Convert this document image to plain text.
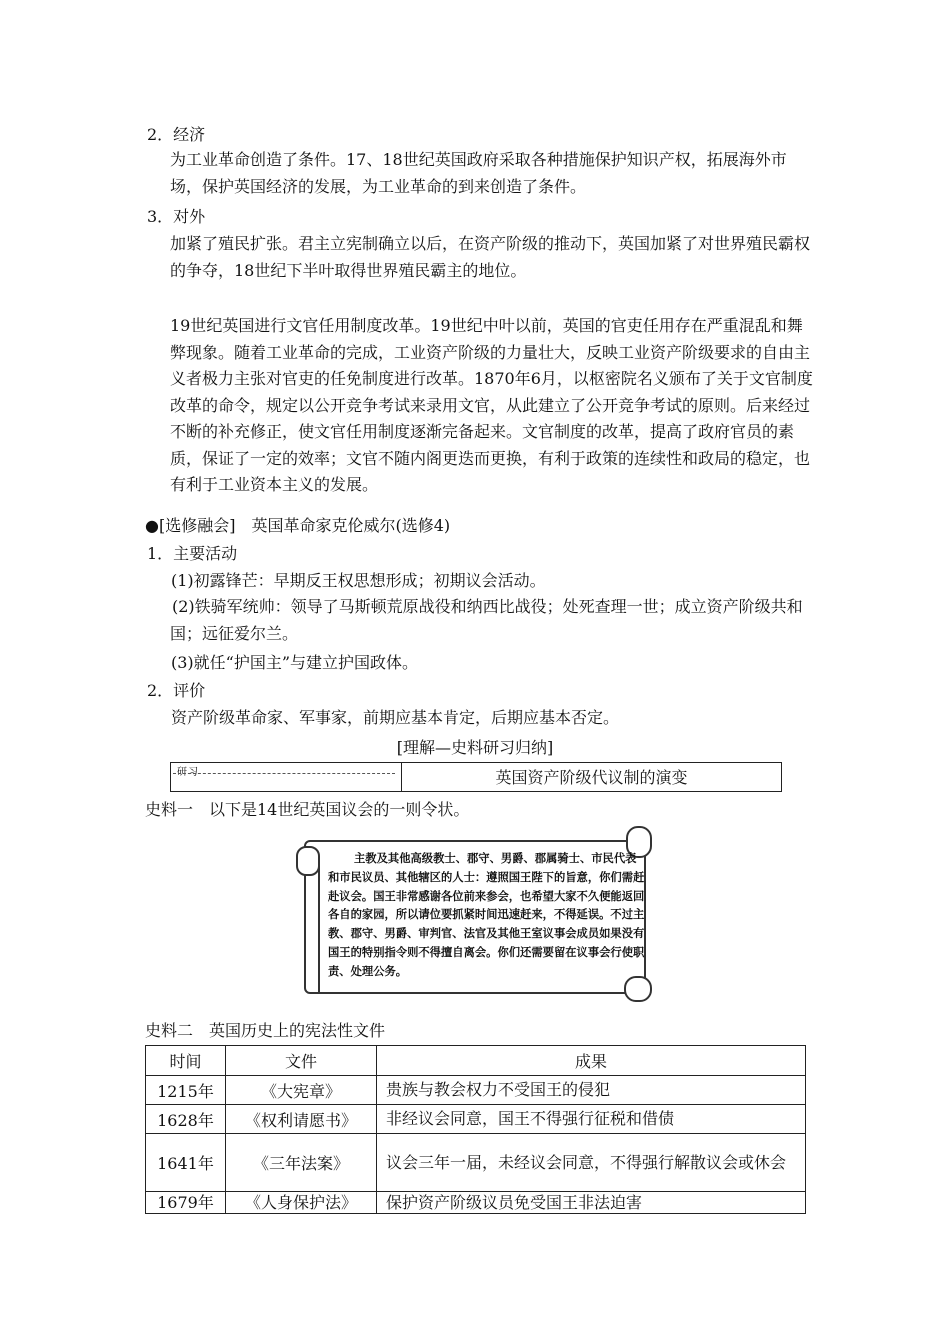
2．经济
为工业革命创造了条件。17、18世纪英国政府采取各种措施保护知识产权，拓展海外市场，保护英国经济的发展，为工业革命的到来创造了条件。
3．对外
加紧了殖民扩张。君主立宪制确立以后，在资产阶级的推动下，英国加紧了对世界殖民霸权的争夺，18世纪下半叶取得世界殖民霸主的地位。
19世纪英国进行文官任用制度改革。19世纪中叶以前，英国的官吏任用存在严重混乱和舞弊现象。随着工业革命的完成，工业资产阶级的力量壮大，反映工业资产阶级要求的自由主义者极力主张对官吏的任免制度进行改革。1870年6月，以枢密院名义颁布了关于文官制度改革的命令，规定以公开竞争考试来录用文官，从此建立了公开竞争考试的原则。后来经过不断的补充修正，使文官任用制度逐渐完备起来。文官制度的改革，提高了政府官员的素质，保证了一定的效率；文官不随内阁更迭而更换，有利于政策的连续性和政局的稳定，也有利于工业资本主义的发展。
●[选修融会]　英国革命家克伦威尔(选修4)
1．主要活动
(1)初露锋芒：早期反王权思想形成；初期议会活动。
(2)铁骑军统帅：领导了马斯顿荒原战役和纳西比战役；处死查理一世；成立资产阶级共和国；远征爱尔兰。
(3)就任“护国主”与建立护国政体。
2．评价
资产阶级革命家、军事家，前期应基本肯定，后期应基本否定。
[理解—史料研习归纳]
研习	英国资产阶级代议制的演变
史料一　以下是14世纪英国议会的一则令状。
主教及其他高级教士、郡守、男爵、郡属骑士、市民代表和市民议员、其他辖区的人士：遵照国王陛下的旨意，你们需赶赴议会。国王非常感谢各位前来参会，也希望大家不久便能返回各自的家园，所以请位要抓紧时间迅速赶来，不得延误。不过主教、郡守、男爵、审判官、法官及其他王室议事会成员如果没有国王的特别指令则不得擅自离会。你们还需要留在议事会行使职责、处理公务。
史料二　英国历史上的宪法性文件
时间	文件	成果
1215年	《大宪章》	贵族与教会权力不受国王的侵犯
1628年	《权利请愿书》	非经议会同意，国王不得强行征税和借债
1641年	《三年法案》	议会三年一届，未经议会同意，不得强行解散议会或休会
1679年	《人身保护法》	保护资产阶级议员免受国王非法迫害
